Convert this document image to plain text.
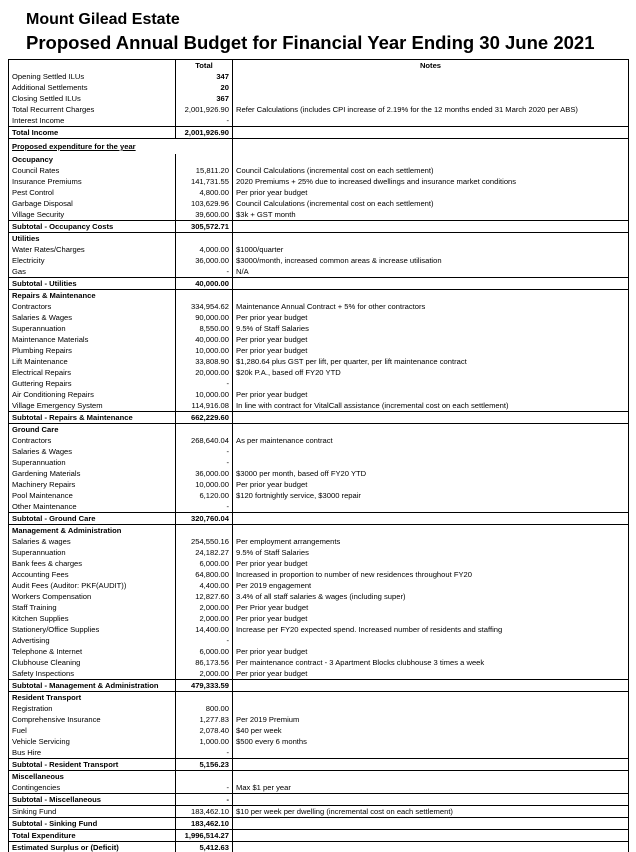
Mount Gilead Estate
Proposed Annual Budget for Financial Year Ending 30 June 2021
	Total	Notes
Opening Settled ILUs	347	
Additional Settlements	20	
Closing Settled ILUs	367	
Total Recurrent Charges	2,001,926.90	Refer Calculations (includes CPI increase of 2.19% for the 12 months ended 31 March 2020 per ABS)
Interest Income	-	
Total Income	2,001,926.90	
Proposed expenditure for the year		
Occupancy		
Council Rates	15,811.20	Council Calculations (incremental cost on each settlement)
Insurance Premiums	141,731.55	2020 Premiums + 25% due to increased dwellings and insurance market conditions
Pest Control	4,800.00	Per prior year budget
Garbage Disposal	103,629.96	Council Calculations (incremental cost on each settlement)
Village Security	39,600.00	$3k + GST month
Subtotal - Occupancy Costs	305,572.71	
Utilities		
Water Rates/Charges	4,000.00	$1000/quarter
Electricity	36,000.00	$3000/month, increased common areas & increase utilisation
Gas	-	N/A
Subtotal - Utilities	40,000.00	
Repairs & Maintenance		
Contractors	334,954.62	Maintenance Annual Contract + 5% for other contractors
Salaries & Wages	90,000.00	Per prior year budget
Superannuation	8,550.00	9.5% of Staff Salaries
Maintenance Materials	40,000.00	Per prior year budget
Plumbing Repairs	10,000.00	Per prior year budget
Lift Maintenance	33,808.90	$1,280.64 plus GST per lift, per quarter, per lift maintenance contract
Electrical Repairs	20,000.00	$20k P.A., based off FY20 YTD
Guttering Repairs	-	
Air Conditioning Repairs	10,000.00	Per prior year budget
Village Emergency System	114,916.08	In line with contract for VitalCall assistance (incremental cost on each settlement)
Subtotal - Repairs & Maintenance	662,229.60	
Ground Care		
Contractors	268,640.04	As per maintenance contract
Salaries & Wages	-	
Superannuation	-	
Gardening Materials	36,000.00	$3000 per month, based off FY20 YTD
Machinery Repairs	10,000.00	Per prior year budget
Pool Maintenance	6,120.00	$120 fortnightly service, $3000 repair
Other Maintenance	-	
Subtotal - Ground Care	320,760.04	
Management & Administration		
Salaries & wages	254,550.16	Per employment arrangements
Superannuation	24,182.27	9.5% of Staff Salaries
Bank fees & charges	6,000.00	Per prior year budget
Accounting Fees	64,800.00	Increased in proportion to number of new residences throughout FY20
Audit Fees (Auditor: PKF(AUDIT))	4,400.00	Per 2019 engagement
Workers Compensation	12,827.60	3.4% of all staff salaries & wages (including super)
Staff Training	2,000.00	Per Prior year budget
Kitchen Supplies	2,000.00	Per prior year budget
Stationery/Office Supplies	14,400.00	Increase per FY20 expected spend. Increased number of residents and staffing
Advertising	-	
Telephone & Internet	6,000.00	Per prior year budget
Clubhouse Cleaning	86,173.56	Per maintenance contract - 3 Apartment Blocks clubhouse 3 times a week
Safety Inspections	2,000.00	Per prior year budget
Subtotal - Management & Administration	479,333.59	
Resident Transport		
Registration	800.00	
Comprehensive Insurance	1,277.83	Per 2019 Premium
Fuel	2,078.40	$40 per week
Vehicle Servicing	1,000.00	$500 every 6 months
Bus Hire	-	
Subtotal - Resident Transport	5,156.23	
Miscellaneous		
Contingencies	-	Max $1 per year
Subtotal - Miscellaneous	-	
Sinking Fund	183,462.10	$10 per week per dwelling (incremental cost on each settlement)
Subtotal - Sinking Fund	183,462.10	
Total Expenditure	1,996,514.27	
Estimated Surplus or (Deficit)	5,412.63	
